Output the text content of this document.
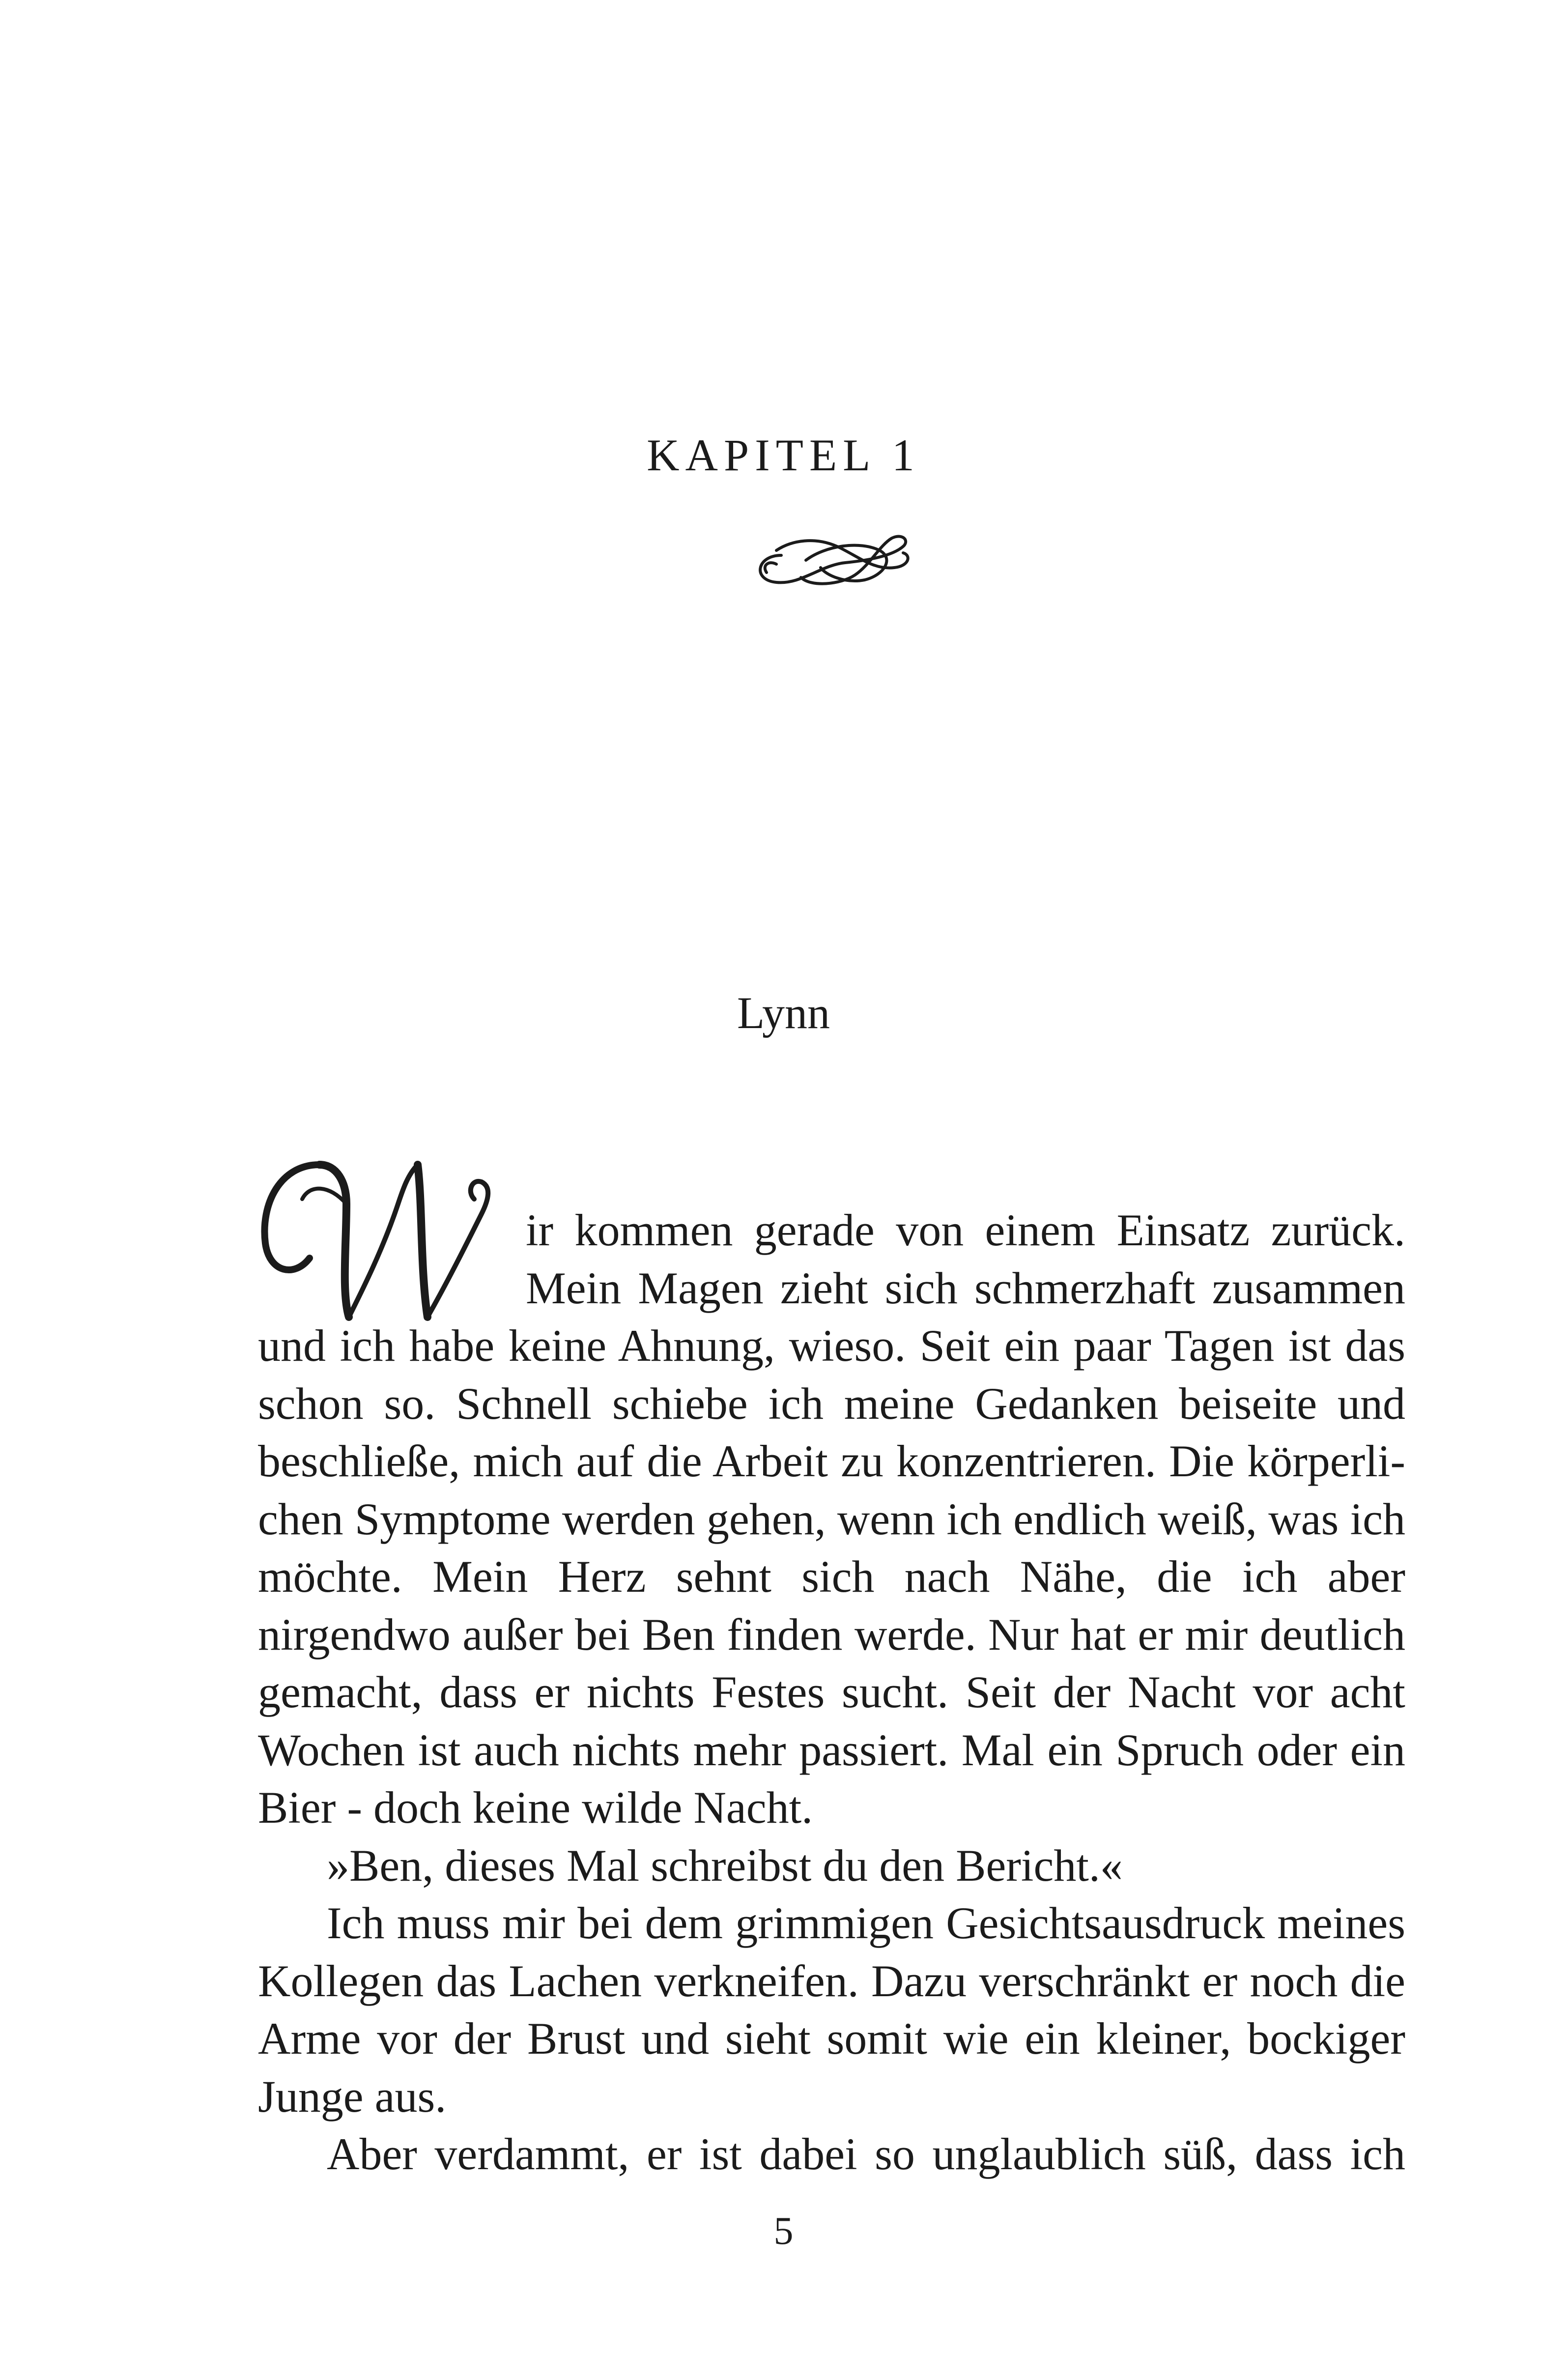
KAPITEL 1
Lynn
ir kommen gerade von einem Einsatz zurück.
Mein Magen zieht sich schmerzhaft zusammen
und ich habe keine Ahnung, wieso. Seit ein paar Tagen ist das
schon so. Schnell schiebe ich meine Gedanken beiseite und
beschließe, mich auf die Arbeit zu konzentrieren. Die körperli-
chen Symptome werden gehen, wenn ich endlich weiß, was ich
möchte. Mein Herz sehnt sich nach Nähe, die ich aber
nirgendwo außer bei Ben finden werde. Nur hat er mir deutlich
gemacht, dass er nichts Festes sucht. Seit der Nacht vor acht
Wochen ist auch nichts mehr passiert. Mal ein Spruch oder ein
Bier - doch keine wilde Nacht.
»Ben, dieses Mal schreibst du den Bericht.«
Ich muss mir bei dem grimmigen Gesichtsausdruck meines
Kollegen das Lachen verkneifen. Dazu verschränkt er noch die
Arme vor der Brust und sieht somit wie ein kleiner, bockiger
Junge aus.
Aber verdammt, er ist dabei so unglaublich süß, dass ich
5
